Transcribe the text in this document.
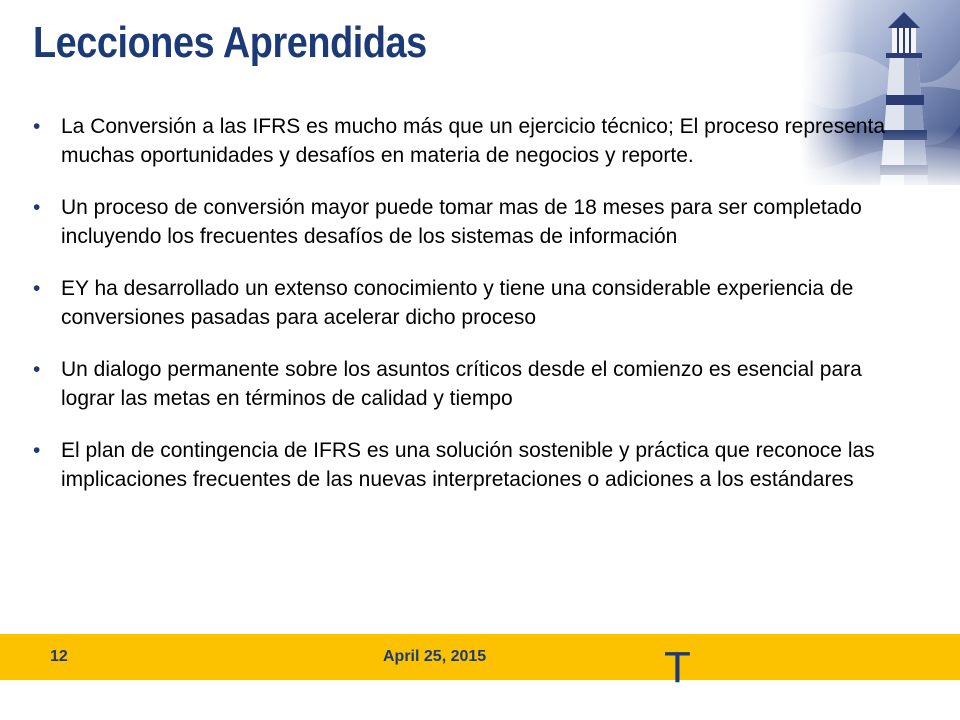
Lecciones Aprendidas
• La Conversión a las IFRS es mucho más que un ejercicio técnico; El proceso representa muchas oportunidades y desafíos en materia de negocios y reporte.
• Un proceso de conversión mayor puede tomar mas de 18 meses para ser completado incluyendo los frecuentes desafíos de los sistemas de información
• EY ha desarrollado un extenso conocimiento y tiene una considerable experiencia de conversiones pasadas para acelerar dicho proceso
• Un dialogo permanente sobre los asuntos críticos desde el comienzo es esencial para lograr las metas en términos de calidad y tiempo
• El plan de contingencia de IFRS es una solución sostenible y práctica que reconoce las implicaciones frecuentes de las nuevas interpretaciones o adiciones a los estándares
12	April 25, 2015	T
